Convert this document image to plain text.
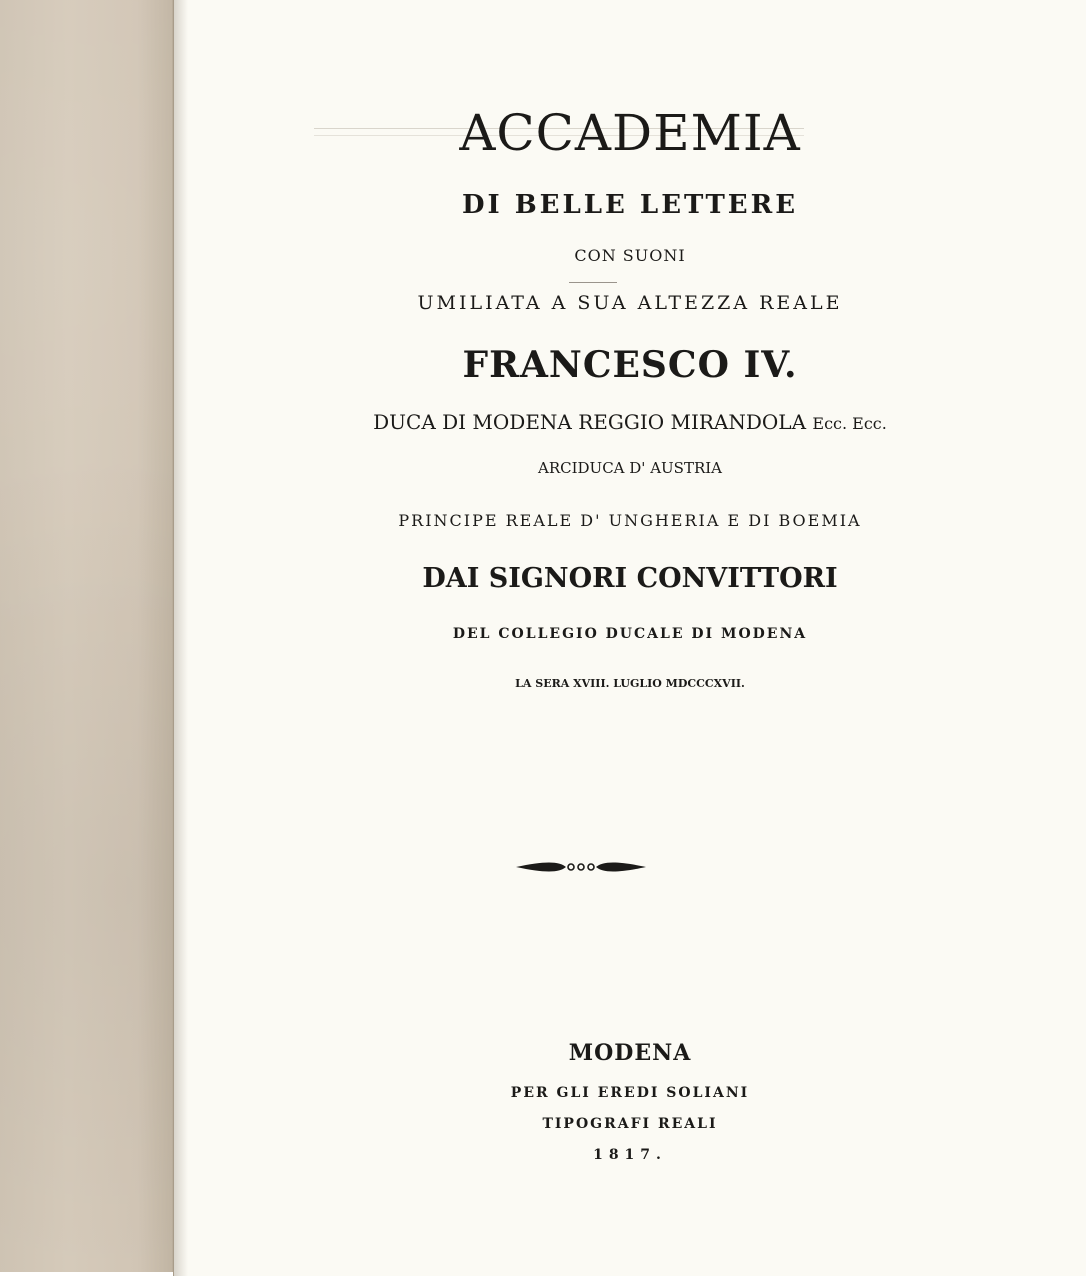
ACCADEMIA
DI BELLE LETTERE
CON SUONI
UMILIATA A SUA ALTEZZA REALE
FRANCESCO IV.
DUCA DI MODENA REGGIO MIRANDOLA Ecc. Ecc.
ARCIDUCA D' AUSTRIA
PRINCIPE REALE D' UNGHERIA E DI BOEMIA
DAI SIGNORI CONVITTORI
DEL COLLEGIO DUCALE DI MODENA
LA SERA XVIII. LUGLIO MDCCCXVII.
MODENA
PER GLI EREDI SOLIANI
TIPOGRAFI REALI
1817.
